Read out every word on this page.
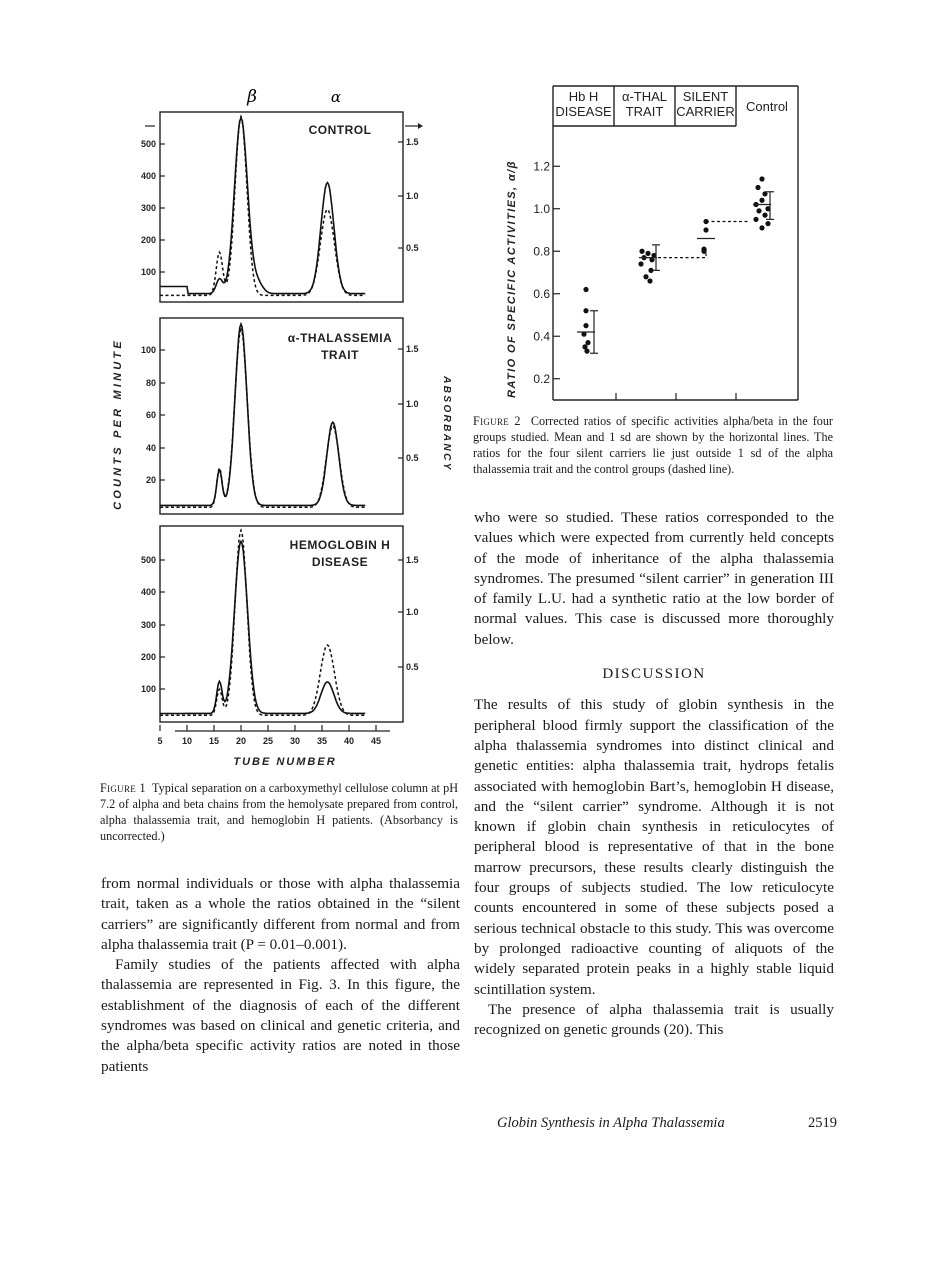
β	α
CONTROL
500
400
300
200
100
1.5
1.0
0.5
α-THALASSEMIA
TRAIT
100
80
60
40
20
1.5
1.0
0.5
HEMOGLOBIN H
DISEASE
500
400
300
200
100
1.5
1.0
0.5
COUNTS PER MINUTE	ABSORBANCY
5 10 15 20 25 30 35 40 45
TUBE NUMBER
Figure 1 Typical separation on a carboxymethyl cellulose column at pH 7.2 of alpha and beta chains from the hemolysate prepared from control, alpha thalassemia trait, and hemoglobin H patients. (Absorbancy is uncorrected.)
Hb H
DISEASE
α-THAL
TRAIT
SILENT
CARRIER Control
1.2
1.0
0.8
0.6
0.4
0.2
RATIO OF SPECIFIC ACTIVITIES, α/β
Figure 2 Corrected ratios of specific activities alpha/beta in the four groups studied. Mean and 1 sd are shown by the horizontal lines. The ratios for the four silent carriers lie just outside 1 sd of the alpha thalassemia trait and the control groups (dashed line).

who were so studied. These ratios corresponded to the values which were expected from currently held concepts of the mode of inheritance of the alpha thalassemia syndromes. The presumed “silent carrier” in generation III of family L.U. had a synthetic ratio at the low border of normal values. This case is discussed more thoroughly below.

DISCUSSION

The results of this study of globin synthesis in the peripheral blood firmly support the classification of the alpha thalassemia syndromes into distinct clinical and genetic entities: alpha thalassemia trait, hydrops fetalis associated with hemoglobin Bart’s, hemoglobin H disease, and the “silent carrier” syndrome. Although it is not known if globin chain synthesis in reticulocytes of peripheral blood is representative of that in the bone marrow precursors, these results clearly distinguish the four groups of subjects studied. The low reticulocyte counts encountered in some of these subjects posed a serious technical obstacle to this study. This was overcome by prolonged radioactive counting of aliquots of the widely separated protein peaks in a highly stable liquid scintillation system.

The presence of alpha thalassemia trait is usually recognized on genetic grounds (20). This

from normal individuals or those with alpha thalassemia trait, taken as a whole the ratios obtained in the “silent carriers” are significantly different from normal and from alpha thalassemia trait (P = 0.01–0.001).

Family studies of the patients affected with alpha thalassemia are represented in Fig. 3. In this figure, the establishment of the diagnosis of each of the different syndromes was based on clinical and genetic criteria, and the alpha/beta specific activity ratios are noted in those patients

Globin Synthesis in Alpha Thalassemia	2519
